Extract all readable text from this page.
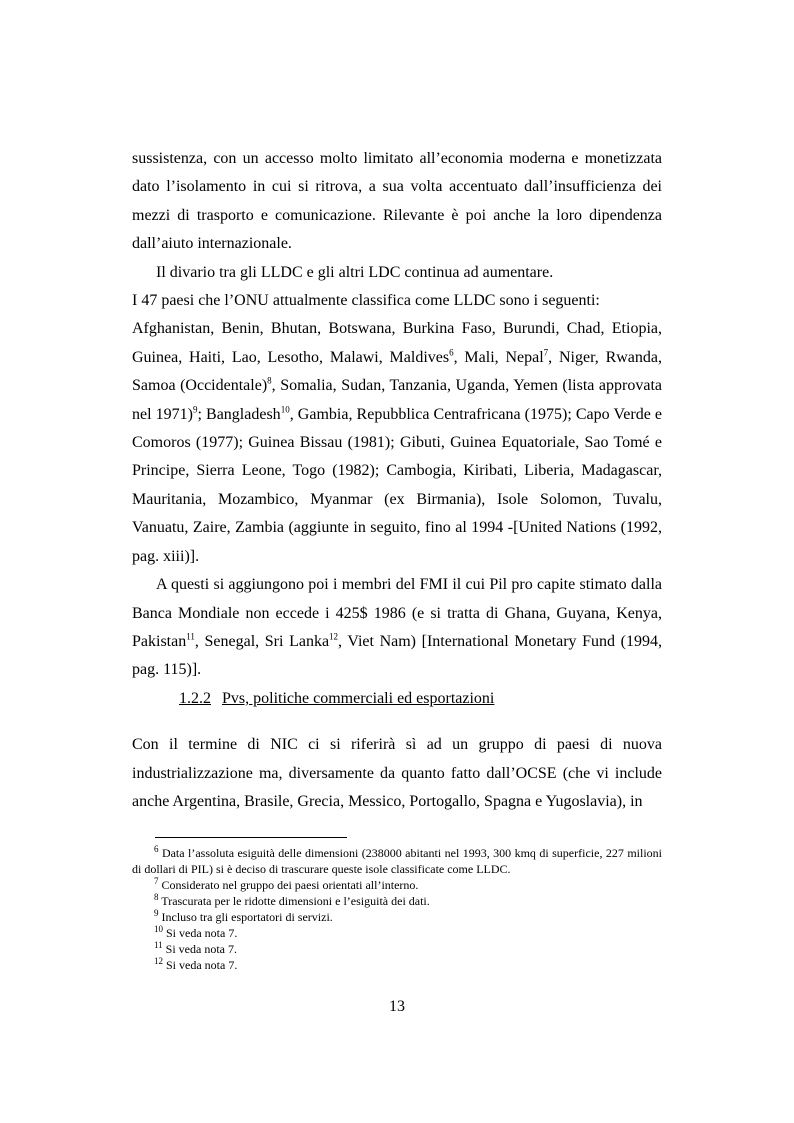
sussistenza, con un accesso molto limitato all’economia moderna e monetizzata dato l’isolamento in cui si ritrova, a sua volta accentuato dall’insufficienza dei mezzi di trasporto e comunicazione. Rilevante è poi anche la loro dipendenza dall’aiuto internazionale.

Il divario tra gli LLDC e gli altri LDC continua ad aumentare.

I 47 paesi che l’ONU attualmente classifica come LLDC sono i seguenti:

Afghanistan, Benin, Bhutan, Botswana, Burkina Faso, Burundi, Chad, Etiopia, Guinea, Haiti, Lao, Lesotho, Malawi, Maldives$^6$, Mali, Nepal$^7$, Niger, Rwanda, Samoa (Occidentale)$^8$, Somalia, Sudan, Tanzania, Uganda, Yemen (lista approvata nel 1971)$^9$; Bangladesh$^{10}$, Gambia, Repubblica Centrafricana (1975); Capo Verde e Comoros (1977); Guinea Bissau (1981); Gibuti, Guinea Equatoriale, Sao Tomé e Principe, Sierra Leone, Togo (1982); Cambogia, Kiribati, Liberia, Madagascar, Mauritania, Mozambico, Myanmar (ex Birmania), Isole Solomon, Tuvalu, Vanuatu, Zaire, Zambia (aggiunte in seguito, fino al 1994 -[United Nations (1992, pag. xiii)].

A questi si aggiungono poi i membri del FMI il cui Pil pro capite stimato dalla Banca Mondiale non eccede i 425$ 1986 (e si tratta di Ghana, Guyana, Kenya, Pakistan$^{11}$, Senegal, Sri Lanka$^{12}$, Viet Nam) [International Monetary Fund (1994, pag. 115)].

1.2.2 Pvs, politiche commerciali ed esportazioni

Con il termine di NIC ci si riferirà sì ad un gruppo di paesi di nuova industrializzazione ma, diversamente da quanto fatto dall’OCSE (che vi include anche Argentina, Brasile, Grecia, Messico, Portogallo, Spagna e Yugoslavia), in

$^6$ Data l’assoluta esiguità delle dimensioni (238000 abitanti nel 1993, 300 kmq di superficie, 227 milioni di dollari di PIL) si è deciso di trascurare queste isole classificate come LLDC.

$^7$ Considerato nel gruppo dei paesi orientati all’interno.

$^8$ Trascurata per le ridotte dimensioni e l’esiguità dei dati.

$^9$ Incluso tra gli esportatori di servizi.

$^{10}$ Si veda nota 7.

$^{11}$ Si veda nota 7.

$^{12}$ Si veda nota 7.

13
